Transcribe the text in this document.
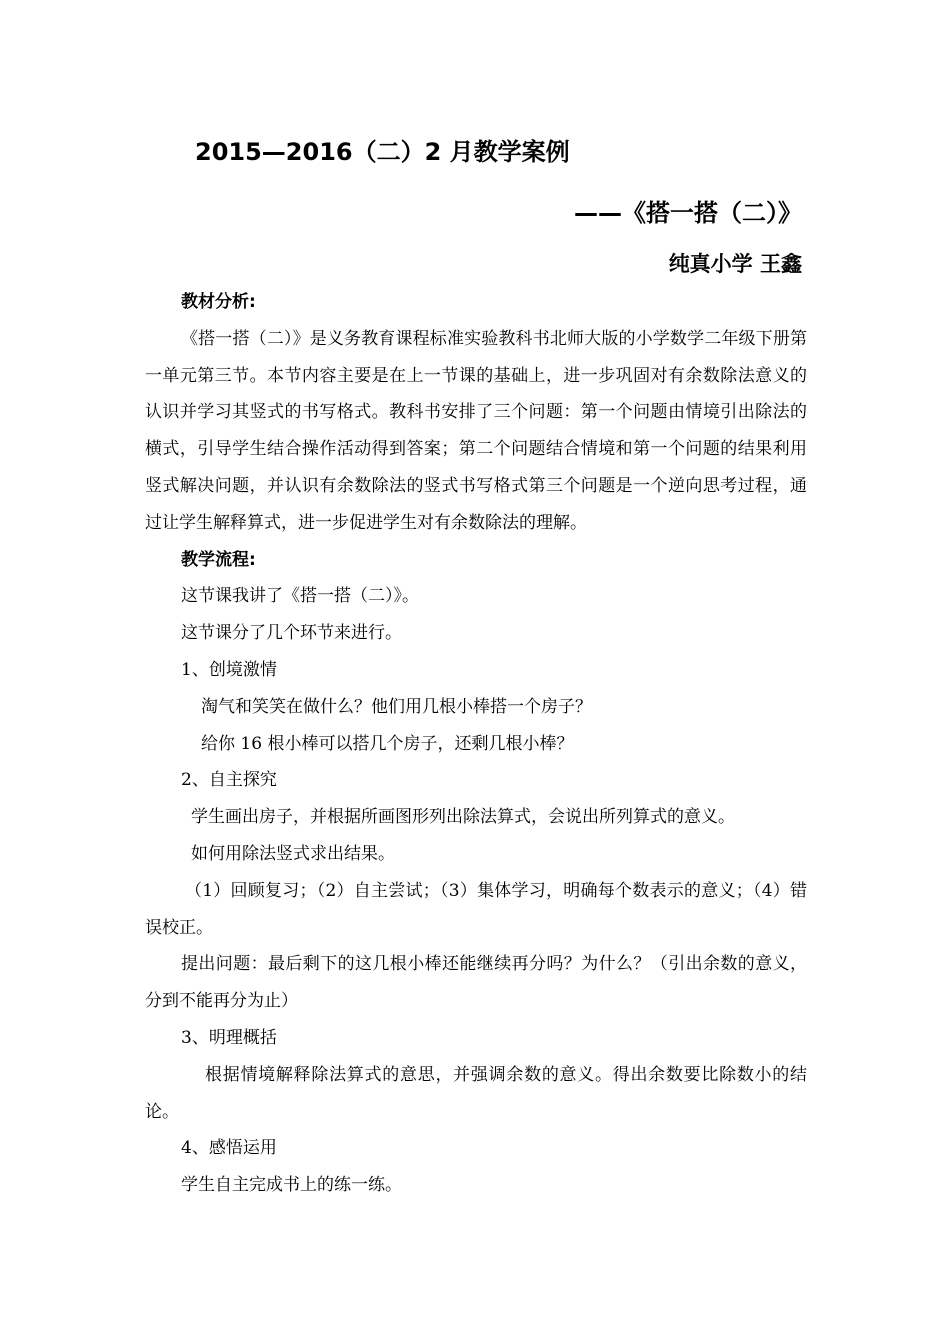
2015—2016（二）2 月教学案例
——《搭一搭（二）》
纯真小学 王鑫

教材分析:

《搭一搭（二）》是义务教育课程标准实验教科书北师大版的小学数学二年级下册第一单元第三节。本节内容主要是在上一节课的基础上，进一步巩固对有余数除法意义的认识并学习其竖式的书写格式。教科书安排了三个问题：第一个问题由情境引出除法的横式，引导学生结合操作活动得到答案；第二个问题结合情境和第一个问题的结果利用竖式解决问题，并认识有余数除法的竖式书写格式第三个问题是一个逆向思考过程，通过让学生解释算式，进一步促进学生对有余数除法的理解。

教学流程:

这节课我讲了《搭一搭（二）》。

这节课分了几个环节来进行。

1、创境激情

淘气和笑笑在做什么？他们用几根小棒搭一个房子？

给你 16 根小棒可以搭几个房子，还剩几根小棒？

2、自主探究

学生画出房子，并根据所画图形列出除法算式，会说出所列算式的意义。

如何用除法竖式求出结果。

（1）回顾复习；（2）自主尝试；（3）集体学习，明确每个数表示的意义；（4）错误校正。

提出问题：最后剩下的这几根小棒还能继续再分吗？为什么？（引出余数的意义，分到不能再分为止）

3、明理概括

根据情境解释除法算式的意思，并强调余数的意义。得出余数要比除数小的结论。

4、感悟运用

学生自主完成书上的练一练。
